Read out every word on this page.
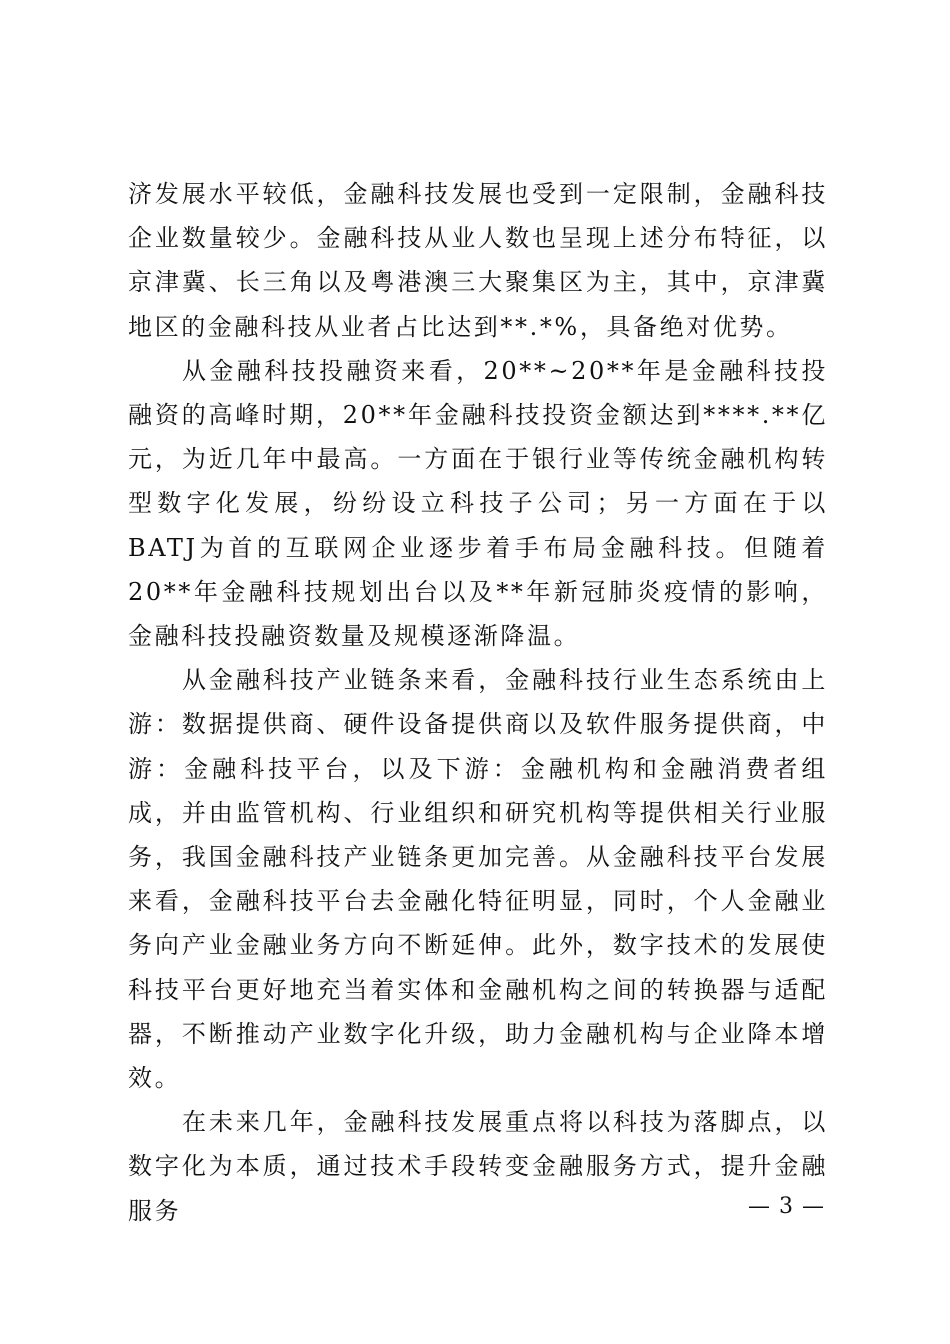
济发展水平较低，金融科技发展也受到一定限制，金融科技企业数量较少。金融科技从业人数也呈现上述分布特征，以京津冀、长三角以及粤港澳三大聚集区为主，其中，京津冀地区的金融科技从业者占比达到**.*%，具备绝对优势。

从金融科技投融资来看，20**~20**年是金融科技投融资的高峰时期，20**年金融科技投资金额达到****.**亿元，为近几年中最高。一方面在于银行业等传统金融机构转型数字化发展，纷纷设立科技子公司；另一方面在于以BATJ为首的互联网企业逐步着手布局金融科技。但随着20**年金融科技规划出台以及**年新冠肺炎疫情的影响，金融科技投融资数量及规模逐渐降温。

从金融科技产业链条来看，金融科技行业生态系统由上游：数据提供商、硬件设备提供商以及软件服务提供商，中游：金融科技平台，以及下游：金融机构和金融消费者组成，并由监管机构、行业组织和研究机构等提供相关行业服务，我国金融科技产业链条更加完善。从金融科技平台发展来看，金融科技平台去金融化特征明显，同时，个人金融业务向产业金融业务方向不断延伸。此外，数字技术的发展使科技平台更好地充当着实体和金融机构之间的转换器与适配器，不断推动产业数字化升级，助力金融机构与企业降本增效。

在未来几年，金融科技发展重点将以科技为落脚点，以数字化为本质，通过技术手段转变金融服务方式，提升金融服务	— 3 —
